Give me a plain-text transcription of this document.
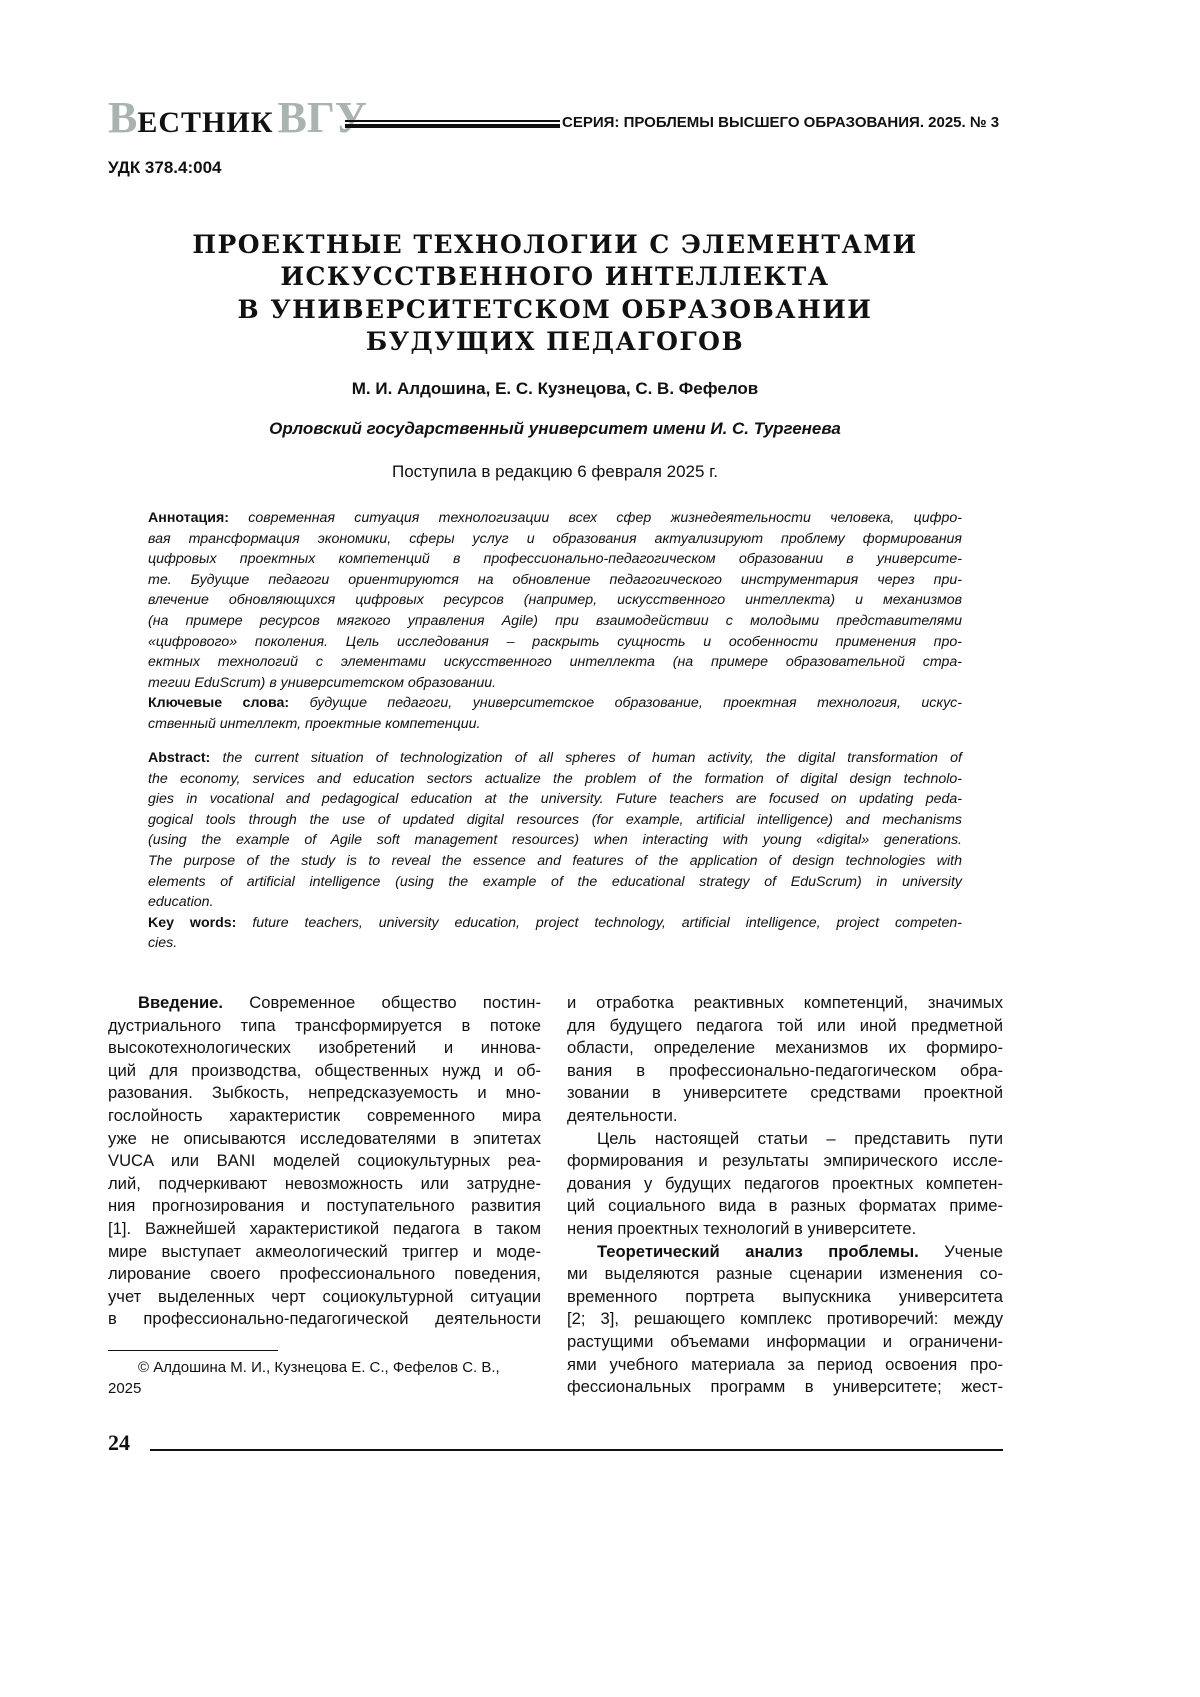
ВЕСТНИК ВГУ	СЕРИЯ: ПРОБЛЕМЫ ВЫСШЕГО ОБРАЗОВАНИЯ. 2025. № 3
УДК 378.4:004
ПРОЕКТНЫЕ ТЕХНОЛОГИИ С ЭЛЕМЕНТАМИ
ИСКУССТВЕННОГО ИНТЕЛЛЕКТА
В УНИВЕРСИТЕТСКОМ ОБРАЗОВАНИИ
БУДУЩИХ ПЕДАГОГОВ
М. И. Алдошина, Е. С. Кузнецова, С. В. Фефелов
Орловский государственный университет имени И. С. Тургенева
Поступила в редакцию 6 февраля 2025 г.
Аннотация: современная ситуация технологизации всех сфер жизнедеятельности человека, цифро-
вая трансформация экономики, сферы услуг и образования актуализируют проблему формирования
цифровых проектных компетенций в профессионально-педагогическом образовании в университе-
те. Будущие педагоги ориентируются на обновление педагогического инструментария через при-
влечение обновляющихся цифровых ресурсов (например, искусственного интеллекта) и механизмов
(на примере ресурсов мягкого управления Agile) при взаимодействии с молодыми представителями
«цифрового» поколения. Цель исследования – раскрыть сущность и особенности применения про-
ектных технологий с элементами искусственного интеллекта (на примере образовательной стра-
тегии EduScrum) в университетском образовании.
Ключевые слова: будущие педагоги, университетское образование, проектная технология, искус-
ственный интеллект, проектные компетенции.
Abstract: the current situation of technologization of all spheres of human activity, the digital transformation of
the economy, services and education sectors actualize the problem of the formation of digital design technolo-
gies in vocational and pedagogical education at the university. Future teachers are focused on updating peda-
gogical tools through the use of updated digital resources (for example, artificial intelligence) and mechanisms
(using the example of Agile soft management resources) when interacting with young «digital» generations.
The purpose of the study is to reveal the essence and features of the application of design technologies with
elements of artificial intelligence (using the example of the educational strategy of EduScrum) in university
education.
Key words: future teachers, university education, project technology, artificial intelligence, project competen-
cies.
Введение. Современное общество постин-
дустриального типа трансформируется в потоке
высокотехнологических изобретений и иннова-
ций для производства, общественных нужд и об-
разования. Зыбкость, непредсказуемость и мно-
гослойность характеристик современного мира
уже не описываются исследователями в эпитетах
VUCA или BANI моделей социокультурных реа-
лий, подчеркивают невозможность или затрудне-
ния прогнозирования и поступательного развития
[1]. Важнейшей характеристикой педагога в таком
мире выступает акмеологический триггер и моде-
лирование своего профессионального поведения,
учет выделенных черт социокультурной ситуации
в профессионально-педагогической деятельности
и отработка реактивных компетенций, значимых
для будущего педагога той или иной предметной
области, определение механизмов их формиро-
вания в профессионально-педагогическом обра-
зовании в университете средствами проектной
деятельности.
Цель настоящей статьи – представить пути
формирования и результаты эмпирического иссле-
дования у будущих педагогов проектных компетен-
ций социального вида в разных форматах приме-
нения проектных технологий в университете.
Теоретический анализ проблемы. Ученые
ми выделяются разные сценарии изменения со-
временного портрета выпускника университета
[2; 3], решающего комплекс противоречий: между
растущими объемами информации и ограничени-
ями учебного материала за период освоения про-
фессиональных программ в университете; жест-
© Алдошина М. И., Кузнецова Е. С., Фефелов С. В.,
2025
24
